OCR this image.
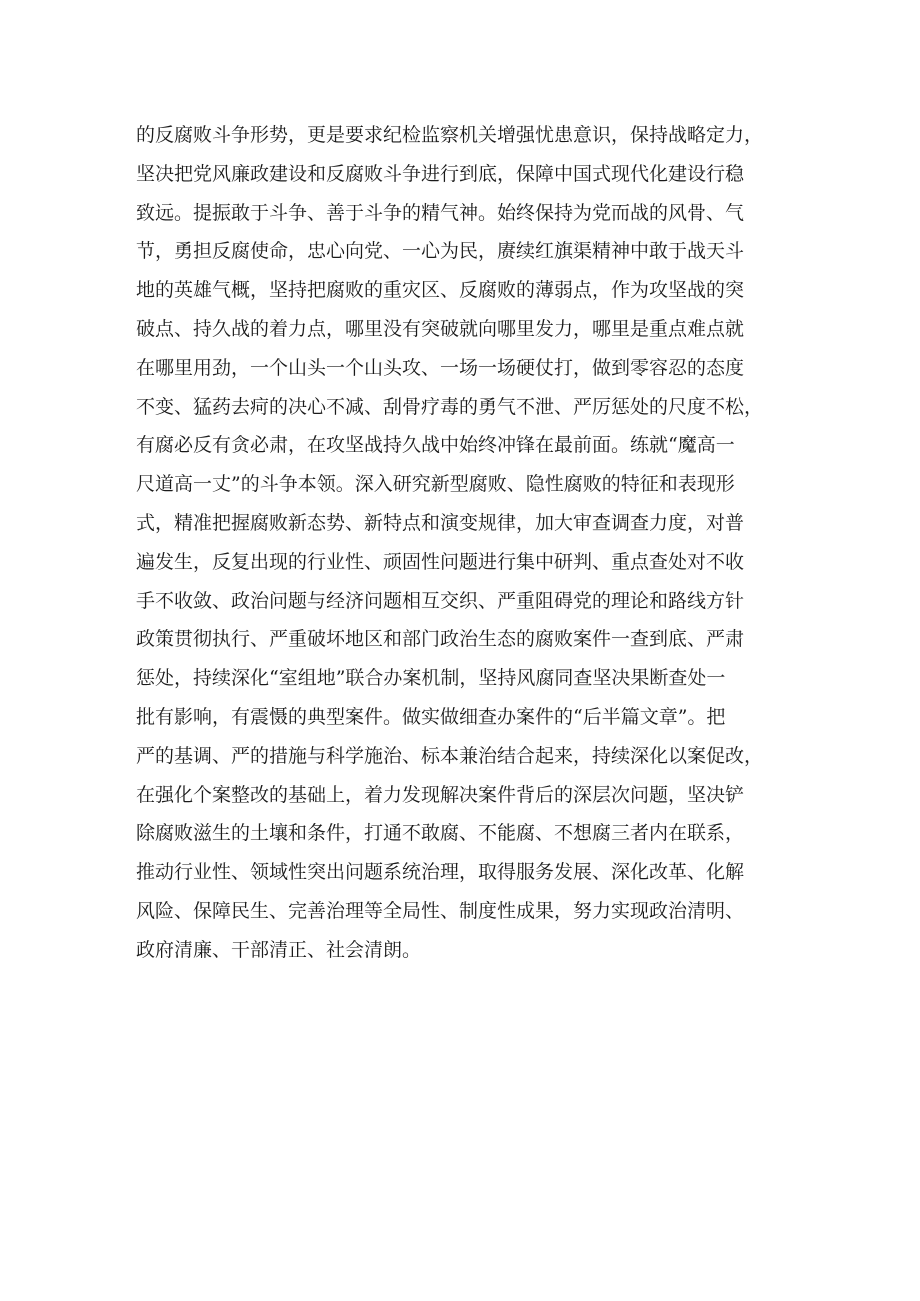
的反腐败斗争形势，更是要求纪检监察机关增强忧患意识，保持战略定力，
坚决把党风廉政建设和反腐败斗争进行到底，保障中国式现代化建设行稳
致远。提振敢于斗争、善于斗争的精气神。始终保持为党而战的风骨、气
节，勇担反腐使命，忠心向党、一心为民，赓续红旗渠精神中敢于战天斗
地的英雄气概，坚持把腐败的重灾区、反腐败的薄弱点，作为攻坚战的突
破点、持久战的着力点，哪里没有突破就向哪里发力，哪里是重点难点就
在哪里用劲，一个山头一个山头攻、一场一场硬仗打，做到零容忍的态度
不变、猛药去疴的决心不减、刮骨疗毒的勇气不泄、严厉惩处的尺度不松，
有腐必反有贪必肃，在攻坚战持久战中始终冲锋在最前面。练就“魔高一
尺道高一丈”的斗争本领。深入研究新型腐败、隐性腐败的特征和表现形
式，精准把握腐败新态势、新特点和演变规律，加大审查调查力度，对普
遍发生，反复出现的行业性、顽固性问题进行集中研判、重点查处对不收
手不收敛、政治问题与经济问题相互交织、严重阻碍党的理论和路线方针
政策贯彻执行、严重破坏地区和部门政治生态的腐败案件一查到底、严肃
惩处，持续深化“室组地”联合办案机制，坚持风腐同查坚决果断查处一
批有影响，有震慑的典型案件。做实做细查办案件的“后半篇文章”。把
严的基调、严的措施与科学施治、标本兼治结合起来，持续深化以案促改，
在强化个案整改的基础上，着力发现解决案件背后的深层次问题，坚决铲
除腐败滋生的土壤和条件，打通不敢腐、不能腐、不想腐三者内在联系，
推动行业性、领域性突出问题系统治理，取得服务发展、深化改革、化解
风险、保障民生、完善治理等全局性、制度性成果，努力实现政治清明、
政府清廉、干部清正、社会清朗。
